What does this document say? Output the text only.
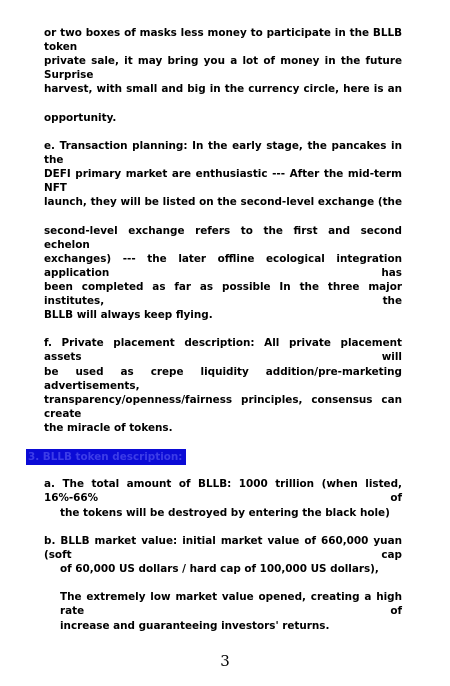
or two boxes of masks less money to participate in the BLLB token
private sale, it may bring you a lot of money in the future Surprise
harvest, with small and big in the currency circle, here is an
opportunity.
e. Transaction planning: In the early stage, the pancakes in the
DEFI primary market are enthusiastic --- After the mid-term NFT
launch, they will be listed on the second-level exchange (the
second-level exchange refers to the first and second echelon
exchanges) --- the later offline ecological integration application has
been completed as far as possible In the three major institutes, the
BLLB will always keep flying.
f. Private placement description: All private placement assets will
be used as crepe liquidity addition/pre-marketing advertisements,
transparency/openness/fairness principles, consensus can create
the miracle of tokens.
3. BLLB token description:
a. The total amount of BLLB: 1000 trillion (when listed, 16%-66% of
the tokens will be destroyed by entering the black hole)
b. BLLB market value: initial market value of 660,000 yuan (soft cap
of 60,000 US dollars / hard cap of 100,000 US dollars),
The extremely low market value opened, creating a high rate of
increase and guaranteeing investors' returns.
3
